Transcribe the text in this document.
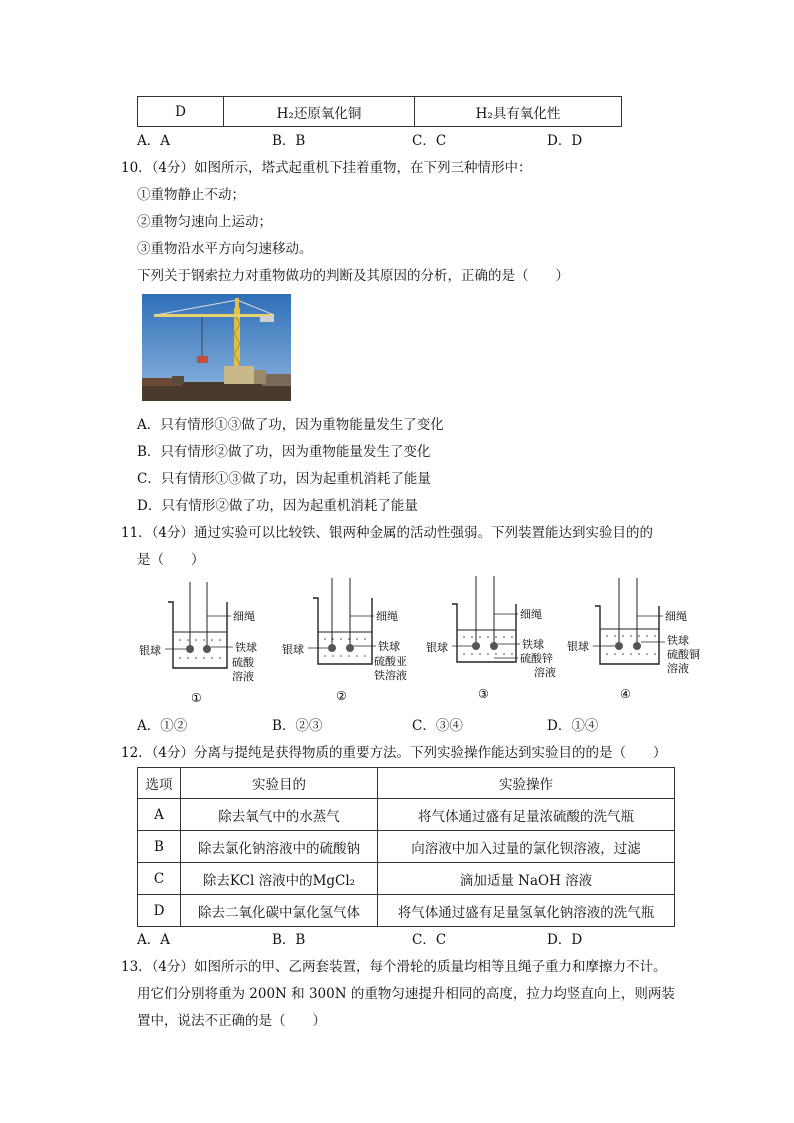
D	H₂还原氧化铜	H₂具有氧化性
A．A	B．B	C．C	D．D
10．（4分）如图所示，塔式起重机下挂着重物，在下列三种情形中：
①重物静止不动；
②重物匀速向上运动；
③重物沿水平方向匀速移动。
下列关于钢索拉力对重物做功的判断及其原因的分析，正确的是（　　）
A．只有情形①③做了功，因为重物能量发生了变化
B．只有情形②做了功，因为重物能量发生了变化
C．只有情形①③做了功，因为起重机消耗了能量
D．只有情形②做了功，因为起重机消耗了能量
11．（4分）通过实验可以比较铁、银两种金属的活动性强弱。下列装置能达到实验目的的
是（　　）
银球
细绳
铁球
硫酸
溶液
①
银球
细绳
铁球
硫酸亚
铁溶液
②
银球
细绳
铁球
硫酸锌
溶液
③
银球
细绳
铁球
硫酸铜
溶液
④
A．①②	B．②③	C．③④	D．①④
12．（4分）分离与提纯是获得物质的重要方法。下列实验操作能达到实验目的的是（　　）
选项	实验目的	实验操作
A	除去氧气中的水蒸气	将气体通过盛有足量浓硫酸的洗气瓶
B	除去氯化钠溶液中的硫酸钠	向溶液中加入过量的氯化钡溶液，过滤
C	除去KCl 溶液中的MgCl₂	滴加适量 NaOH 溶液
D	除去二氧化碳中氯化氢气体	将气体通过盛有足量氢氧化钠溶液的洗气瓶
A．A	B．B	C．C	D．D
13．（4分）如图所示的甲、乙两套装置，每个滑轮的质量均相等且绳子重力和摩擦力不计。
用它们分别将重为 200N 和 300N 的重物匀速提升相同的高度，拉力均竖直向上，则两装
置中，说法不正确的是（　　）
